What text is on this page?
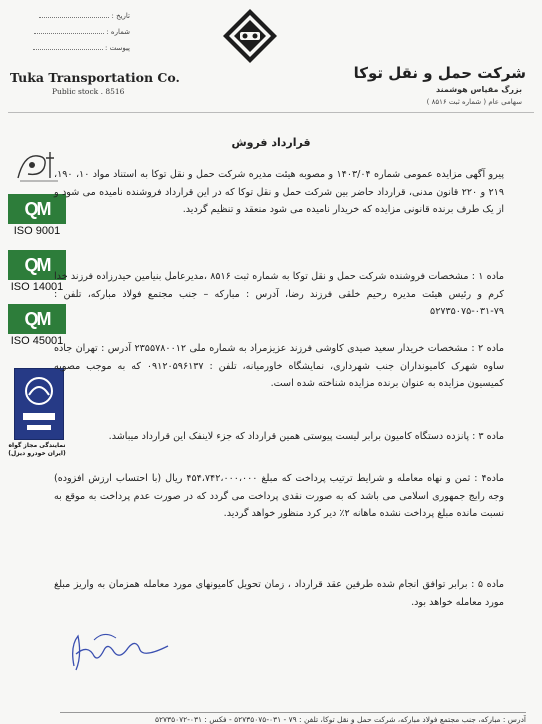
تاریخ :
شماره :
پیوست :
Tuka Transportation Co.
Public stock . 8516
شرکت حمل و نقل توکا
بزرگ مقیاس هوشمند
سهامی عام ( شماره ثبت ۸۵۱۶ )
QM
ISO 9001
QM
ISO 14001
QM
ISO 45001
نمایندگی مجاز گواه (ایران خودرو دیزل)
قرارداد فروش
پیرو آگهی مزایده عمومی شماره ۱۴۰۳/۰۴ و مصوبه هیئت مدیره شرکت حمل و نقل توکا به استناد مواد ۱۰، ۱۹۰، ۲۱۹ و ۲۲۰ قانون مدنی، قرارداد حاضر بین شرکت حمل و نقل توکا که در این قرارداد فروشنده نامیده می شود و از یک طرف برنده قانونی مزایده که خریدار نامیده می شود منعقد و تنظیم گردید.
ماده ۱ : مشخصات فروشنده شرکت حمل و نقل توکا به شماره ثبت ۸۵۱۶ ،مدیرعامل بنیامین حیدرزاده فرزند خدا کرم و رئیس هیئت مدیره رحیم خلقی فرزند رضا، آدرس : مبارکه – جنب مجتمع فولاد مبارکه، تلفن : ۷۹-۰۳۱-۵۲۷۳۵۰۷۵
ماده ۲ : مشخصات خریدار سعید صیدی کاوشی فرزند عزیزمراد به شماره ملی ۲۳۵۵۷۸۰۰۱۲ آدرس : تهران جاده ساوه شهرک کامیونداران جنب شهرداری، نمایشگاه خاورمیانه، تلفن : ۰۹۱۲۰۵۹۶۱۳۷ که به موجب مصوبه کمیسیون مزایده به عنوان برنده مزایده شناخته شده است.
ماده ۳ : پانزده دستگاه کامیون برابر لیست پیوستی همین قرارداد که جزء لاینفک این قرارداد میباشد.
ماده۴ : ثمن و نهاه معامله و شرایط ترتیب پرداخت که مبلغ ۴۵۴،۷۴۲،۰۰۰،۰۰۰ ریال (با احتساب ارزش افزوده) وجه رایج جمهوری اسلامی می باشد که به صورت نقدی پرداخت می گردد که در صورت عدم پرداخت به موقع به نسبت مانده مبلغ پرداخت نشده ماهانه ۲٪ دیر کرد منظور خواهد گردید.
ماده ۵ : برابر توافق انجام شده طرفین عقد قرارداد ، زمان تحویل کامیونهای مورد معامله همزمان به واریز مبلغ مورد معامله خواهد بود.
آدرس : مبارکه، جنب مجتمع فولاد مبارکه، شرکت حمل و نقل توکا، تلفن : ۷۹ - ۰۳۱-۵۲۷۳۵۰۷۵ - فکس : ۰۳۱-۵۲۷۳۵۰۷۲
